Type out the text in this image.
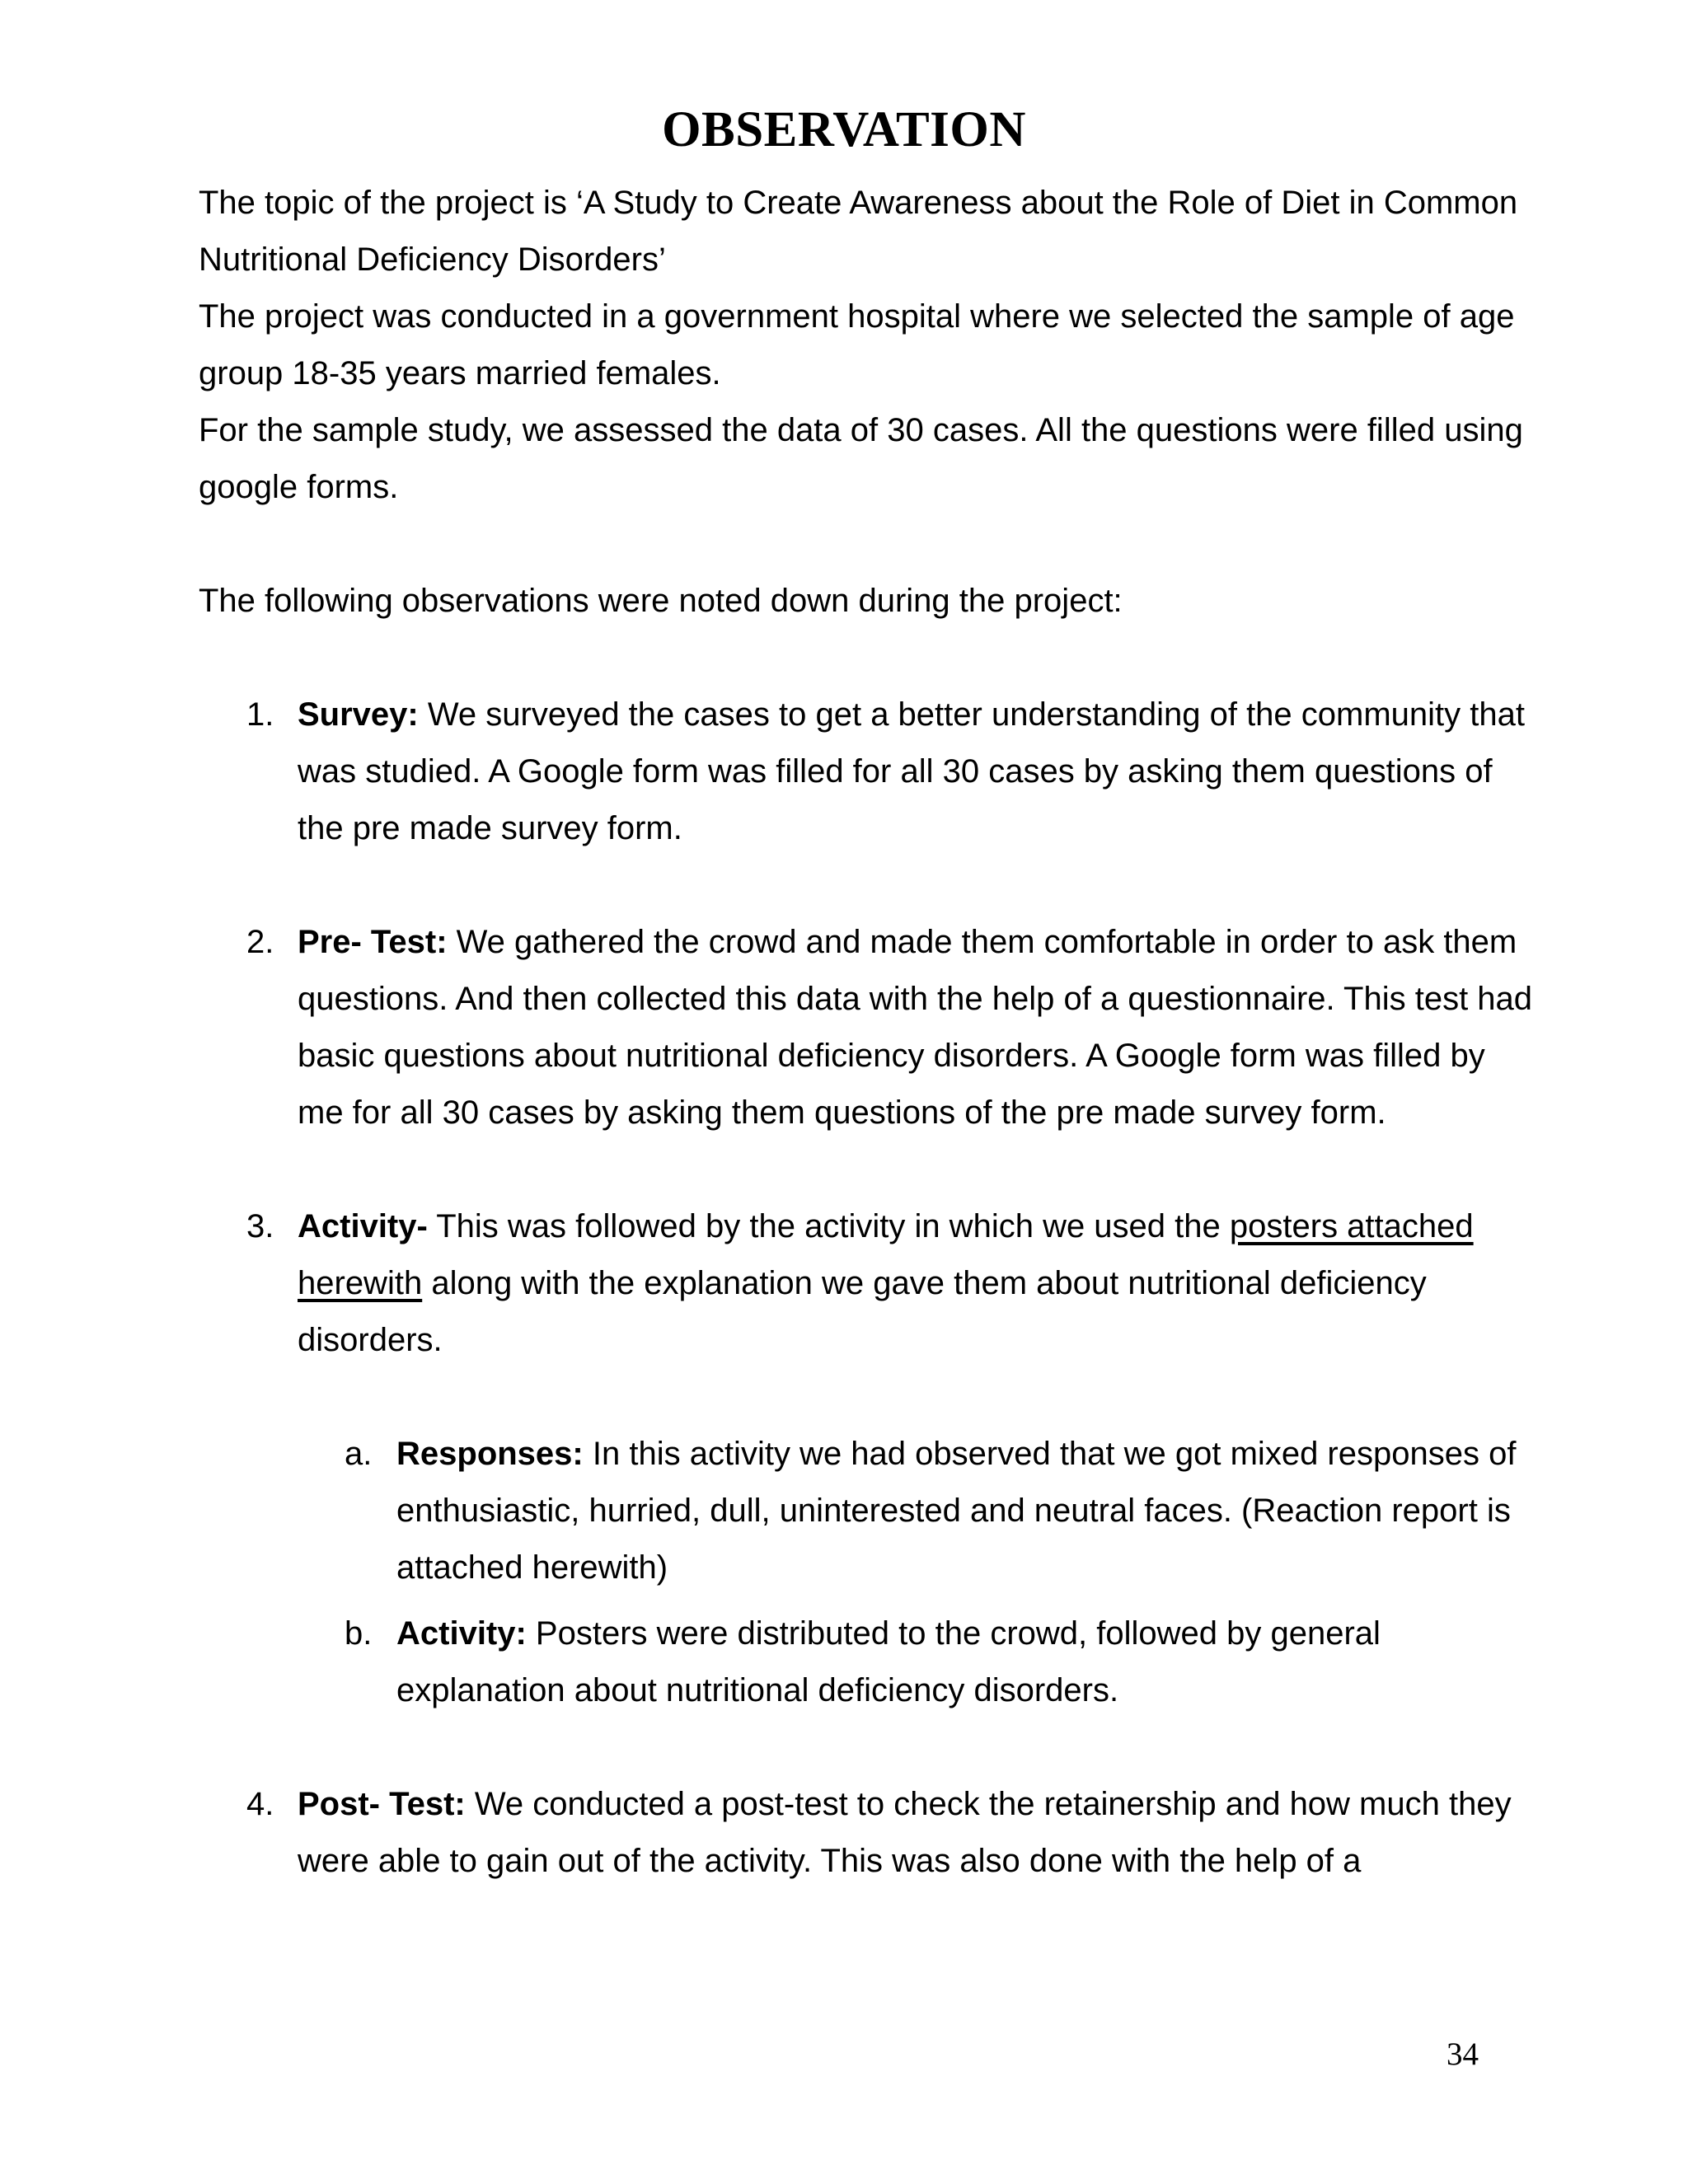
OBSERVATION

The topic of the project is ‘A Study to Create Awareness about the Role of Diet in Common Nutritional Deficiency Disorders’

The project was conducted in a government hospital where we selected the sample of age group 18-35 years married females.

For the sample study, we assessed the data of 30 cases. All the questions were filled using google forms.

The following observations were noted down during the project:

1. Survey: We surveyed the cases to get a better understanding of the community that was studied. A Google form was filled for all 30 cases by asking them questions of the pre made survey form.
2. Pre- Test: We gathered the crowd and made them comfortable in order to ask them questions. And then collected this data with the help of a questionnaire. This test had basic questions about nutritional deficiency disorders. A Google form was filled by me for all 30 cases by asking them questions of the pre made survey form.
3. Activity- This was followed by the activity in which we used the posters attached herewith along with the explanation we gave them about nutritional deficiency disorders.
a. Responses: In this activity we had observed that we got mixed responses of enthusiastic, hurried, dull, uninterested and neutral faces. (Reaction report is attached herewith)
b. Activity: Posters were distributed to the crowd, followed by general explanation about nutritional deficiency disorders.
4. Post- Test: We conducted a post-test to check the retainership and how much they were able to gain out of the activity. This was also done with the help of a
34
